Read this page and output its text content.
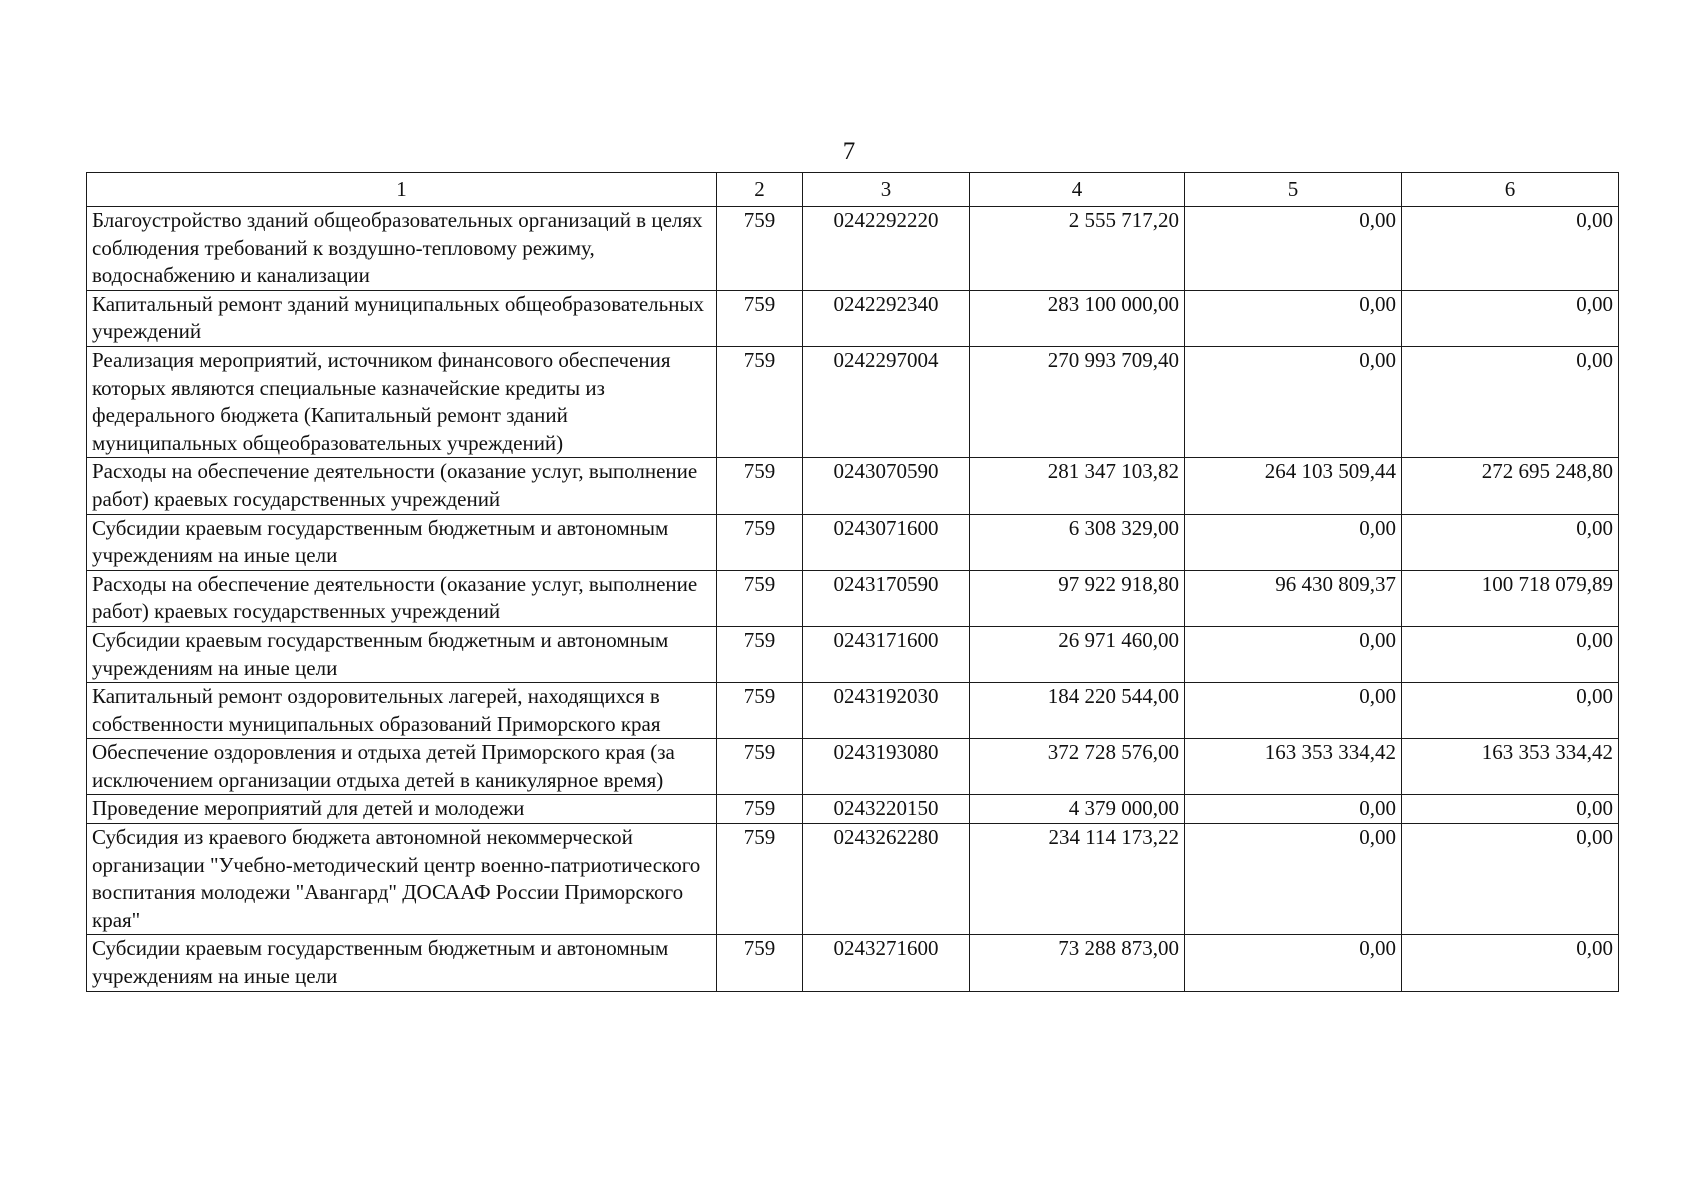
7
1	2	3	4	5	6
Благоустройство зданий общеобразовательных организаций в целях соблюдения требований к воздушно-тепловому режиму, водоснабжению и канализации	759	0242292220	2 555 717,20	0,00	0,00
Капитальный ремонт зданий муниципальных общеобразовательных учреждений	759	0242292340	283 100 000,00	0,00	0,00
Реализация мероприятий, источником финансового обеспечения которых являются специальные казначейские кредиты из федерального бюджета (Капитальный ремонт зданий муниципальных общеобразовательных учреждений)	759	0242297004	270 993 709,40	0,00	0,00
Расходы на обеспечение деятельности (оказание услуг, выполнение работ) краевых государственных учреждений	759	0243070590	281 347 103,82	264 103 509,44	272 695 248,80
Субсидии краевым государственным бюджетным и автономным учреждениям на иные цели	759	0243071600	6 308 329,00	0,00	0,00
Расходы на обеспечение деятельности (оказание услуг, выполнение работ) краевых государственных учреждений	759	0243170590	97 922 918,80	96 430 809,37	100 718 079,89
Субсидии краевым государственным бюджетным и автономным учреждениям на иные цели	759	0243171600	26 971 460,00	0,00	0,00
Капитальный ремонт оздоровительных лагерей, находящихся в собственности муниципальных образований Приморского края	759	0243192030	184 220 544,00	0,00	0,00
Обеспечение оздоровления и отдыха детей Приморского края (за исключением организации отдыха детей в каникулярное время)	759	0243193080	372 728 576,00	163 353 334,42	163 353 334,42
Проведение мероприятий для детей и молодежи	759	0243220150	4 379 000,00	0,00	0,00
Субсидия из краевого бюджета автономной некоммерческой организации "Учебно-методический центр военно-патриотического воспитания молодежи "Авангард" ДОСААФ России Приморского края"	759	0243262280	234 114 173,22	0,00	0,00
Субсидии краевым государственным бюджетным и автономным учреждениям на иные цели	759	0243271600	73 288 873,00	0,00	0,00
